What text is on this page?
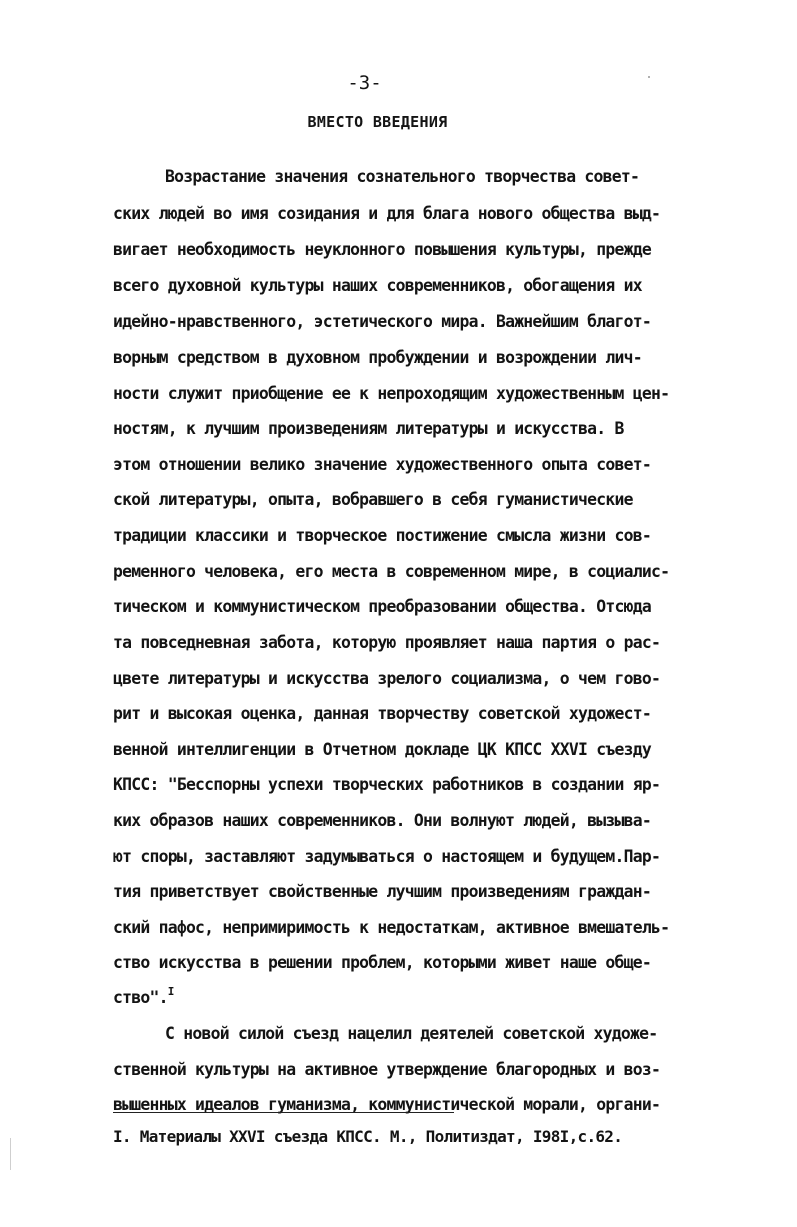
-3-
ВМЕСТО ВВЕДЕНИЯ
Возрастание значения сознательного творчества совет-
ских людей во имя созидания и для блага нового общества выд-
вигает необходимость неуклонного повышения культуры, прежде
всего духовной культуры наших современников, обогащения их
идейно-нравственного, эстетического мира. Важнейшим благот-
ворным средством в духовном пробуждении и возрождении лич-
ности служит приобщение ее к непроходящим художественным цен-
ностям, к лучшим произведениям литературы и искусства. В
этом отношении велико значение художественного опыта совет-
ской литературы, опыта, вобравшего в себя гуманистические
традиции классики и творческое постижение смысла жизни сов-
ременного человека, его места в современном мире, в социалис-
тическом и коммунистическом преобразовании общества. Отсюда
та повседневная забота, которую проявляет наша партия о рас-
цвете литературы и искусства зрелого социализма, о чем гово-
рит и высокая оценка, данная творчеству советской художест-
венной интеллигенции в Отчетном докладе ЦК КПСС XXVI съезду
КПСС: "Бесспорны успехи творческих работников в создании яр-
ких образов наших современников. Они волнуют людей, вызыва-
ют споры, заставляют задумываться о настоящем и будущем.Пар-
тия приветствует свойственные лучшим произведениям граждан-
ский пафос, непримиримость к недостаткам, активное вмешатель-
ство искусства в решении проблем, которыми живет наше обще-
ство".$^I$
С новой силой съезд нацелил деятелей советской художе-
ственной культуры на активное утверждение благородных и воз-
вышенных идеалов гуманизма, коммунистической морали, органи-
I. Материалы XXVI съезда КПСС. М., Политиздат, I98I,с.62.
